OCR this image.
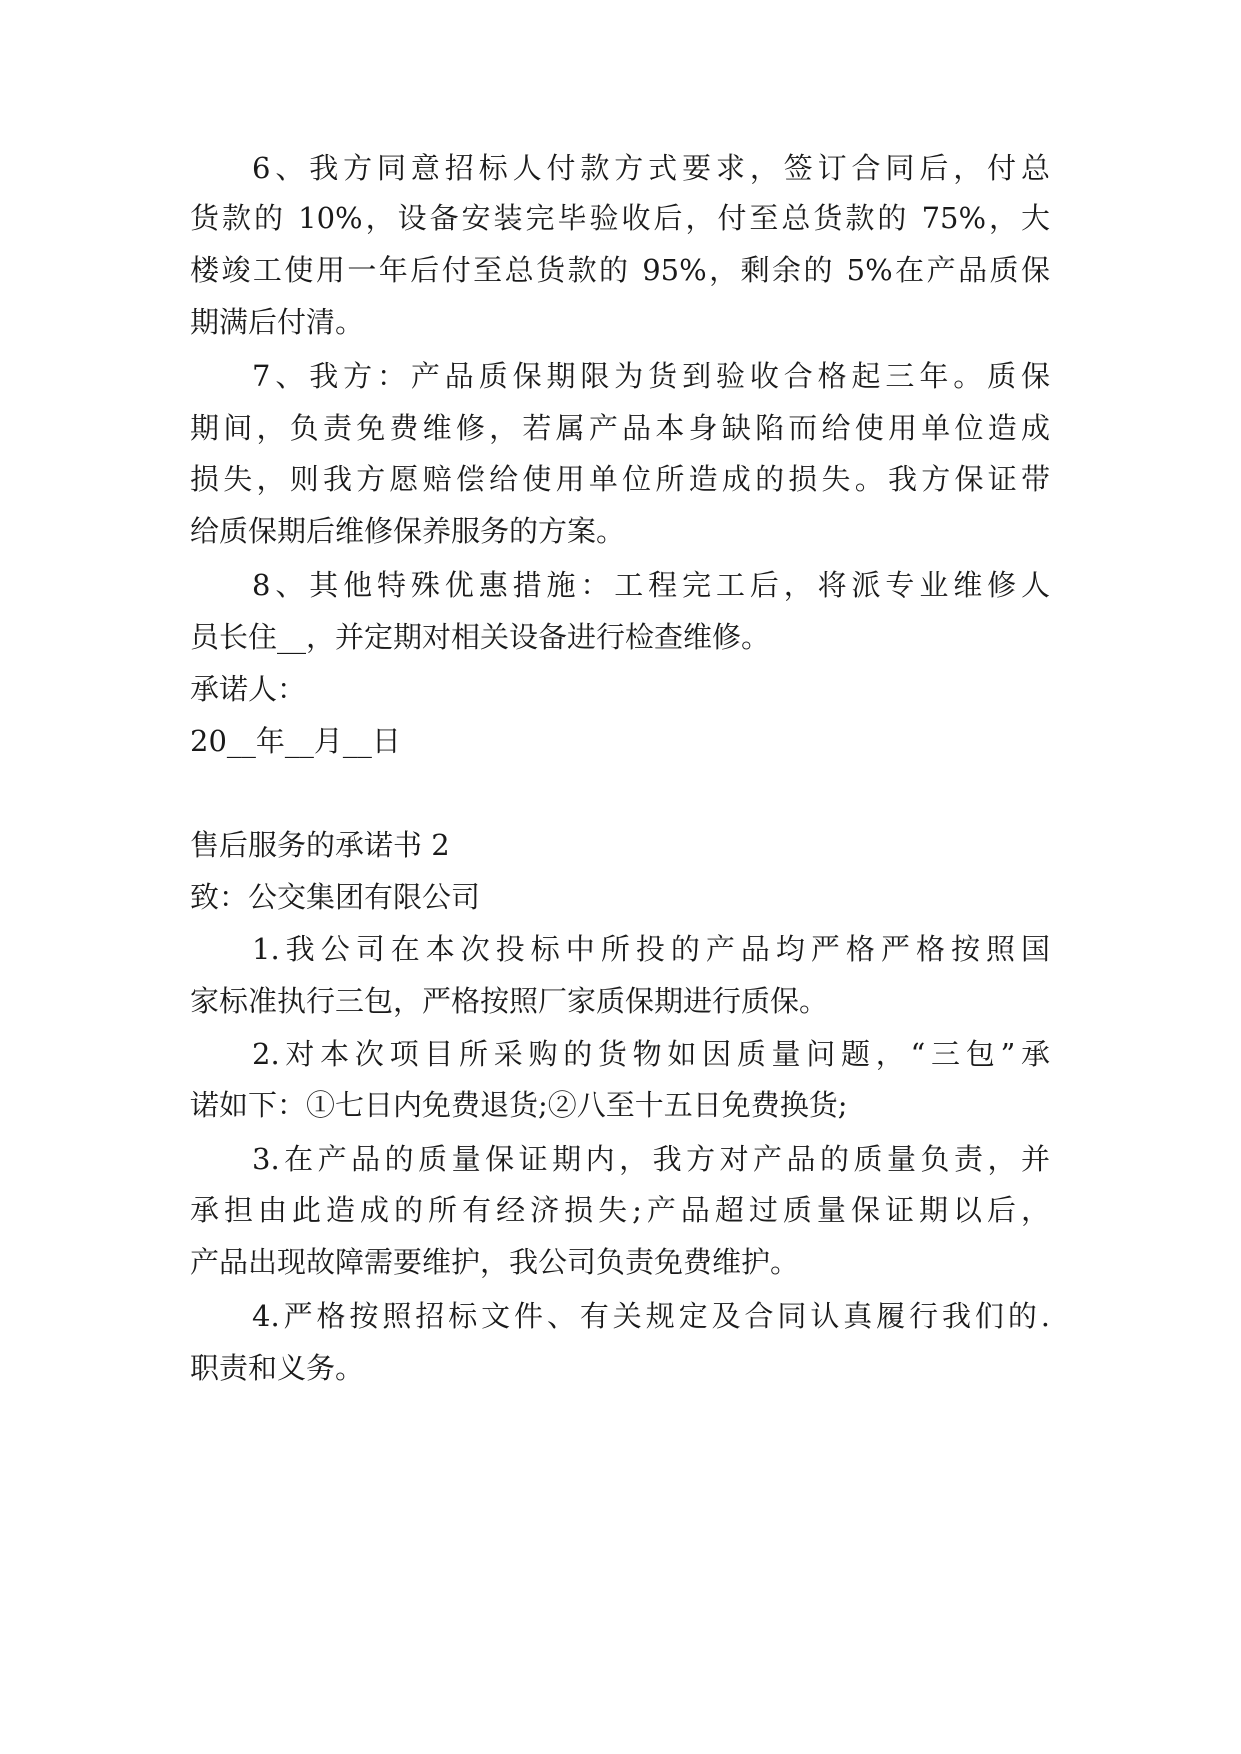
6、我方同意招标人付款方式要求，签订合同后，付总
货款的 10%，设备安装完毕验收后，付至总货款的 75%，大
楼竣工使用一年后付至总货款的 95%，剩余的 5%在产品质保
期满后付清。
7、我方：产品质保期限为货到验收合格起三年。质保
期间，负责免费维修，若属产品本身缺陷而给使用单位造成
损失，则我方愿赔偿给使用单位所造成的损失。我方保证带
给质保期后维修保养服务的方案。
8、其他特殊优惠措施：工程完工后，将派专业维修人
员长住__，并定期对相关设备进行检查维修。
承诺人：
20__年__月__日
售后服务的承诺书 2
致：公交集团有限公司
1.我公司在本次投标中所投的产品均严格严格按照国
家标准执行三包，严格按照厂家质保期进行质保。
2.对本次项目所采购的货物如因质量问题，“三包”承
诺如下：①七日内免费退货;②八至十五日免费换货;
3.在产品的质量保证期内，我方对产品的质量负责，并
承担由此造成的所有经济损失;产品超过质量保证期以后，
产品出现故障需要维护，我公司负责免费维护。
4.严格按照招标文件、有关规定及合同认真履行我们的.
职责和义务。
